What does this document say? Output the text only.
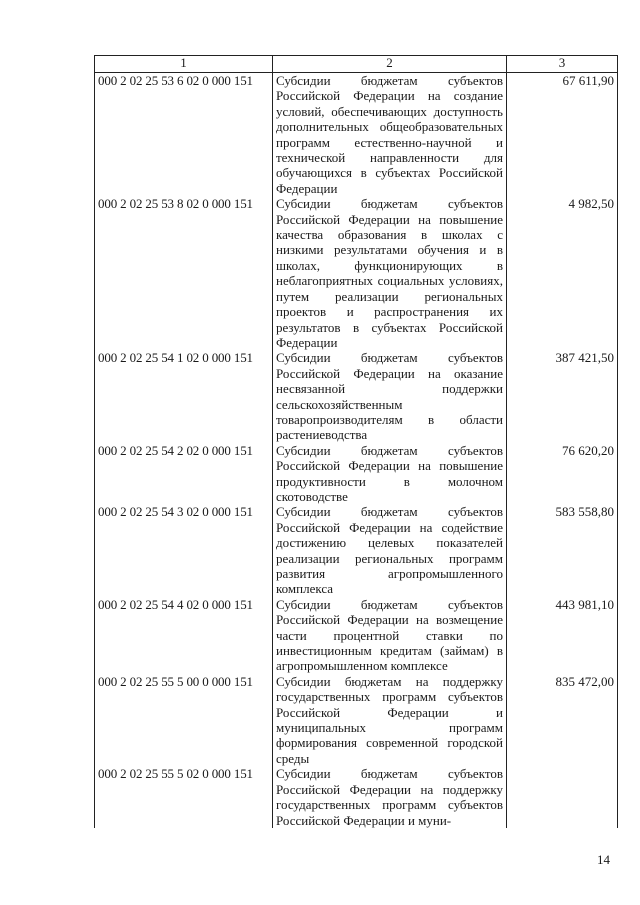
1	2	3
000 2 02 25 53 6 02 0 000 151	Субсидии бюджетам субъектов Российской Федерации на создание условий, обеспечивающих доступность дополнительных общеобразовательных программ естественно-научной и технической направленности для обучающихся в субъектах Российской Федерации	67 611,90
000 2 02 25 53 8 02 0 000 151	Субсидии бюджетам субъектов Российской Федерации на повышение качества образования в школах с низкими результатами обучения и в школах, функционирующих в неблагоприятных социальных условиях, путем реализации региональных проектов и распространения их результатов в субъектах Российской Федерации	4 982,50
000 2 02 25 54 1 02 0 000 151	Субсидии бюджетам субъектов Российской Федерации на оказание несвязанной поддержки сельскохозяйственным товаропроизводителям в области растениеводства	387 421,50
000 2 02 25 54 2 02 0 000 151	Субсидии бюджетам субъектов Российской Федерации на повышение продуктивности в молочном скотоводстве	76 620,20
000 2 02 25 54 3 02 0 000 151	Субсидии бюджетам субъектов Российской Федерации на содействие достижению целевых показателей реализации региональных программ развития агропромышленного комплекса	583 558,80
000 2 02 25 54 4 02 0 000 151	Субсидии бюджетам субъектов Российской Федерации на возмещение части процентной ставки по инвестиционным кредитам (займам) в агропромышленном комплексе	443 981,10
000 2 02 25 55 5 00 0 000 151	Субсидии бюджетам на поддержку государственных программ субъектов Российской Федерации и муниципальных программ формирования современной городской среды	835 472,00
000 2 02 25 55 5 02 0 000 151	Субсидии бюджетам субъектов Российской Федерации на поддержку государственных программ субъектов Российской Федерации и муни-	
14
